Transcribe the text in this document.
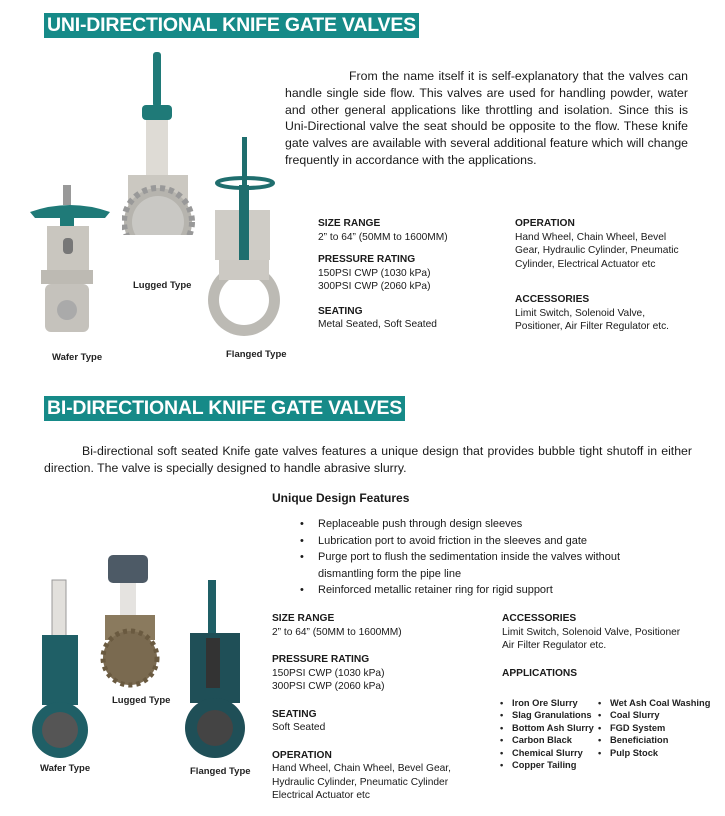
UNI-DIRECTIONAL KNIFE GATE VALVES
Lugged Type
Wafer Type	Flanged Type
From the name itself it is self-explanatory that the valves can handle single side flow. This valves are used for handling powder, water and other general applications like throttling and isolation. Since this is Uni-Directional valve the seat should be opposite to the flow. These knife gate valves are available with several additional feature which will change frequently in accordance with the applications.
SIZE RANGE
2” to 64” (50MM to 1600MM)
PRESSURE RATING
150PSI CWP (1030 kPa)
300PSI CWP (2060 kPa)
SEATING
Metal Seated, Soft Seated
OPERATION
Hand Wheel, Chain Wheel, Bevel Gear, Hydraulic Cylinder, Pneumatic Cylinder, Electrical Actuator etc
ACCESSORIES
Limit Switch, Solenoid Valve, Positioner, Air Filter Regulator etc.
BI-DIRECTIONAL KNIFE GATE VALVES
Bi-directional soft seated Knife gate valves features a unique design that provides bubble tight shutoff in either direction. The valve is specially designed to handle abrasive slurry.
Unique Design Features
• Replaceable push through design sleeves
• Lubrication port to avoid friction in the sleeves and gate
• Purge port to flush the sedimentation inside the valves without dismantling form the pipe line
• Reinforced metallic retainer ring for rigid support
Lugged Type
Wafer Type	Flanged Type
SIZE RANGE
2” to 64” (50MM to 1600MM)
PRESSURE RATING
150PSI CWP (1030 kPa)
300PSI CWP (2060 kPa)
SEATING
Soft Seated
OPERATION
Hand Wheel, Chain Wheel, Bevel Gear,
Hydraulic Cylinder, Pneumatic Cylinder
Electrical Actuator etc
ACCESSORIES
Limit Switch, Solenoid Valve, Positioner
Air Filter Regulator etc.
APPLICATIONS
• Iron Ore Slurry
• Slag Granulations
• Bottom Ash Slurry
• Carbon Black
• Chemical Slurry
• Copper Tailing
• Wet Ash Coal Washing
• Coal Slurry
• FGD System
• Beneficiation
• Pulp Stock
